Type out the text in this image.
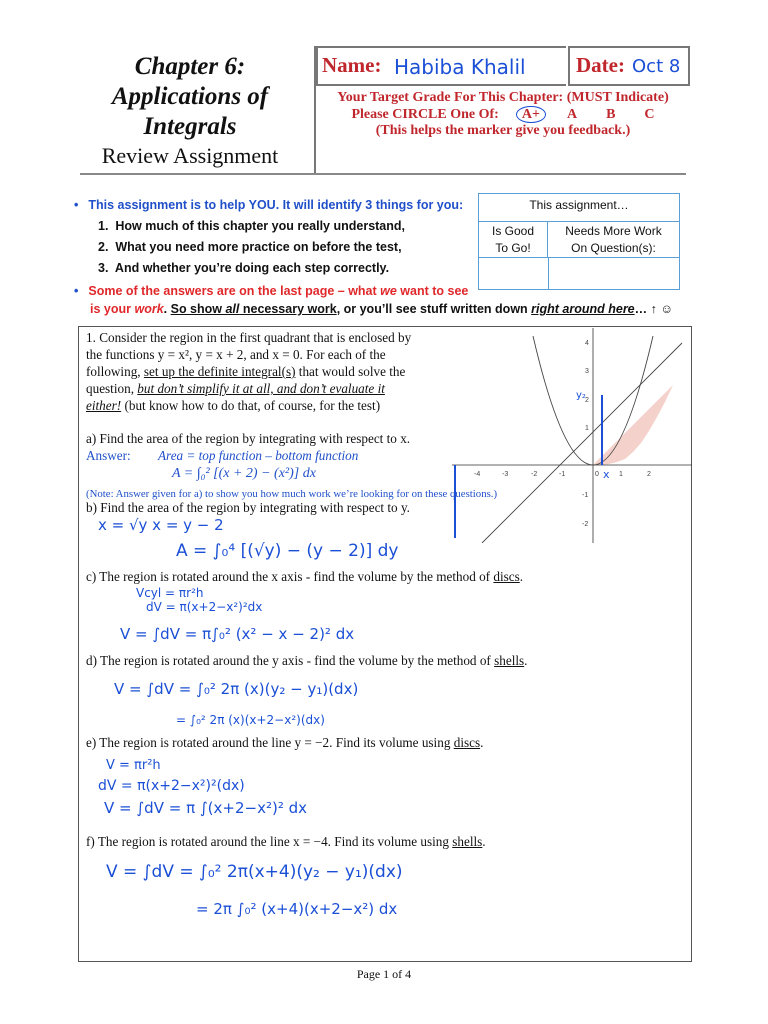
Chapter 6:
Applications of
Integrals
Review Assignment
Name: Habiba Khalil Date: Oct 8
Your Target Grade For This Chapter: (MUST Indicate)
Please CIRCLE One Of: A+ A B C
(This helps the marker give you feedback.)
• This assignment is to help YOU. It will identify 3 things for you:
1.  How much of this chapter you really understand,
2.  What you need more practice on before the test,
3.  And whether you’re doing each step correctly.
• Some of the answers are on the last page – what we want to see
is your work. So show all necessary work, or you’ll see stuff written down right around here… ↑ ☺
This assignment…
Is Good
To Go!
Needs More Work
On Question(s):
1. Consider the region in the first quadrant that is enclosed by
the functions y = x², y = x + 2, and x = 0. For each of the
following, set up the definite integral(s) that would solve the
question, but don’t simplify it at all, and don’t evaluate it
either! (but know how to do that, of course, for the test)
a) Find the area of the region by integrating with respect to x.
Answer: Area = top function – bottom function
A = ∫₀² [(x + 2) − (x²)] dx
(Note: Answer given for a) to show you how much work we’re looking for on these questions.)
b) Find the area of the region by integrating with respect to y.
x = √y x = y − 2
A = ∫₀⁴ [(√y) − (y − 2)] dy
c) The region is rotated around the x axis - find the volume by the method of discs.
Vcyl = πr²h
dV = π(x+2−x²)²dx
V = ∫dV = π∫₀² (x² − x − 2)² dx
d) The region is rotated around the y axis - find the volume by the method of shells.
V = ∫dV = ∫₀² 2π (x)(y₂ − y₁)(dx)
= ∫₀² 2π (x)(x+2−x²)(dx)
e) The region is rotated around the line y = −2. Find its volume using discs.
V = πr²h
dV = π(x+2−x²)²(dx)
V = ∫dV = π ∫(x+2−x²)² dx
f) The region is rotated around the line x = −4. Find its volume using shells.
V = ∫dV = ∫₀² 2π(x+4)(y₂ − y₁)(dx)
= 2π ∫₀² (x+4)(x+2−x²) dx
-4	-3	-2	-1	0	1	2
4
3
2
1
-1
-2
y₂
x
Page 1 of 4
